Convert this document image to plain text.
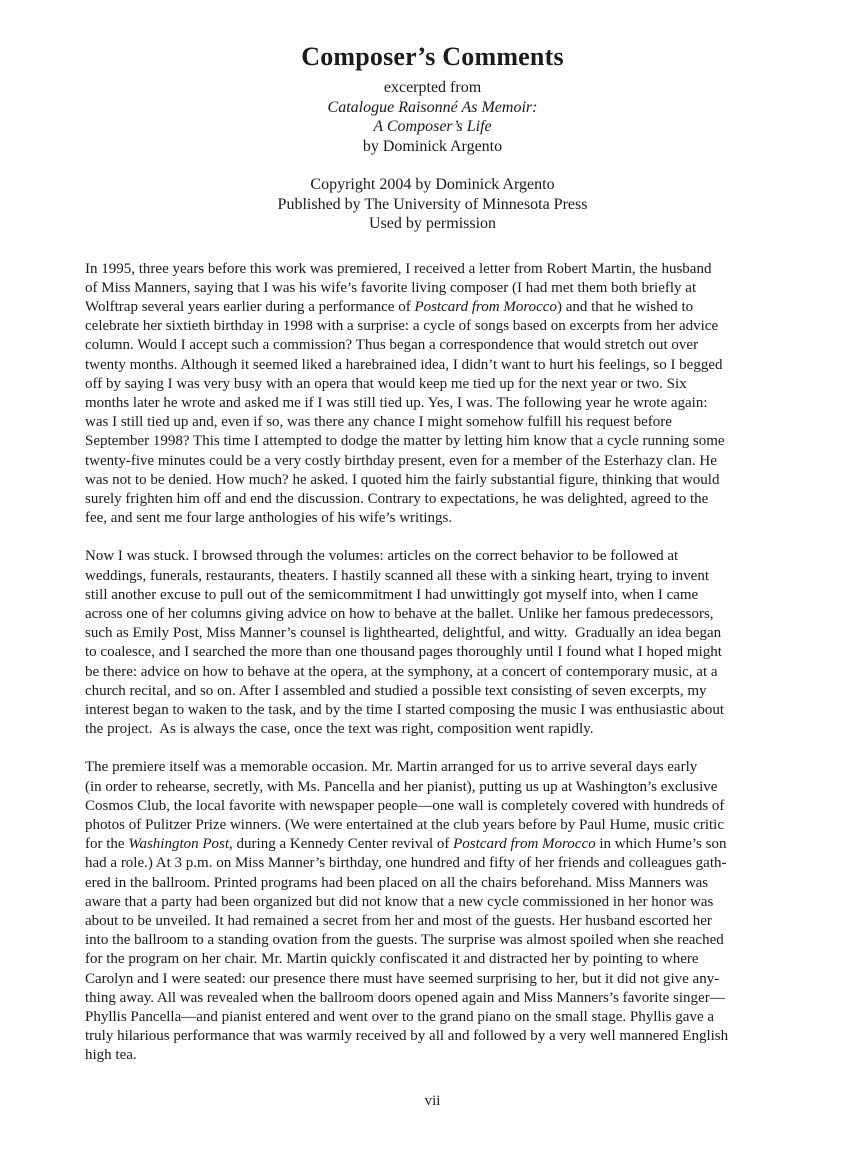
Composer’s Comments
excerpted from
Catalogue Raisonné As Memoir:
A Composer’s Life
by Dominick Argento
Copyright 2004 by Dominick Argento
Published by The University of Minnesota Press
Used by permission
In 1995, three years before this work was premiered, I received a letter from Robert Martin, the husband
of Miss Manners, saying that I was his wife’s favorite living composer (I had met them both briefly at
Wolftrap several years earlier during a performance of Postcard from Morocco) and that he wished to
celebrate her sixtieth birthday in 1998 with a surprise: a cycle of songs based on excerpts from her advice
column. Would I accept such a commission? Thus began a correspondence that would stretch out over
twenty months. Although it seemed liked a harebrained idea, I didn’t want to hurt his feelings, so I begged
off by saying I was very busy with an opera that would keep me tied up for the next year or two. Six
months later he wrote and asked me if I was still tied up. Yes, I was. The following year he wrote again:
was I still tied up and, even if so, was there any chance I might somehow fulfill his request before
September 1998? This time I attempted to dodge the matter by letting him know that a cycle running some
twenty-five minutes could be a very costly birthday present, even for a member of the Esterhazy clan. He
was not to be denied. How much? he asked. I quoted him the fairly substantial figure, thinking that would
surely frighten him off and end the discussion. Contrary to expectations, he was delighted, agreed to the
fee, and sent me four large anthologies of his wife’s writings.
Now I was stuck. I browsed through the volumes: articles on the correct behavior to be followed at
weddings, funerals, restaurants, theaters. I hastily scanned all these with a sinking heart, trying to invent
still another excuse to pull out of the semicommitment I had unwittingly got myself into, when I came
across one of her columns giving advice on how to behave at the ballet. Unlike her famous predecessors,
such as Emily Post, Miss Manner’s counsel is lighthearted, delightful, and witty.  Gradually an idea began
to coalesce, and I searched the more than one thousand pages thoroughly until I found what I hoped might
be there: advice on how to behave at the opera, at the symphony, at a concert of contemporary music, at a
church recital, and so on. After I assembled and studied a possible text consisting of seven excerpts, my
interest began to waken to the task, and by the time I started composing the music I was enthusiastic about
the project.  As is always the case, once the text was right, composition went rapidly.
The premiere itself was a memorable occasion. Mr. Martin arranged for us to arrive several days early
(in order to rehearse, secretly, with Ms. Pancella and her pianist), putting us up at Washington’s exclusive
Cosmos Club, the local favorite with newspaper people—one wall is completely covered with hundreds of
photos of Pulitzer Prize winners. (We were entertained at the club years before by Paul Hume, music critic
for the Washington Post, during a Kennedy Center revival of Postcard from Morocco in which Hume’s son
had a role.) At 3 p.m. on Miss Manner’s birthday, one hundred and fifty of her friends and colleagues gath-
ered in the ballroom. Printed programs had been placed on all the chairs beforehand. Miss Manners was
aware that a party had been organized but did not know that a new cycle commissioned in her honor was
about to be unveiled. It had remained a secret from her and most of the guests. Her husband escorted her
into the ballroom to a standing ovation from the guests. The surprise was almost spoiled when she reached
for the program on her chair. Mr. Martin quickly confiscated it and distracted her by pointing to where
Carolyn and I were seated: our presence there must have seemed surprising to her, but it did not give any-
thing away. All was revealed when the ballroom doors opened again and Miss Manners’s favorite singer—
Phyllis Pancella—and pianist entered and went over to the grand piano on the small stage. Phyllis gave a
truly hilarious performance that was warmly received by all and followed by a very well mannered English
high tea.
vii
